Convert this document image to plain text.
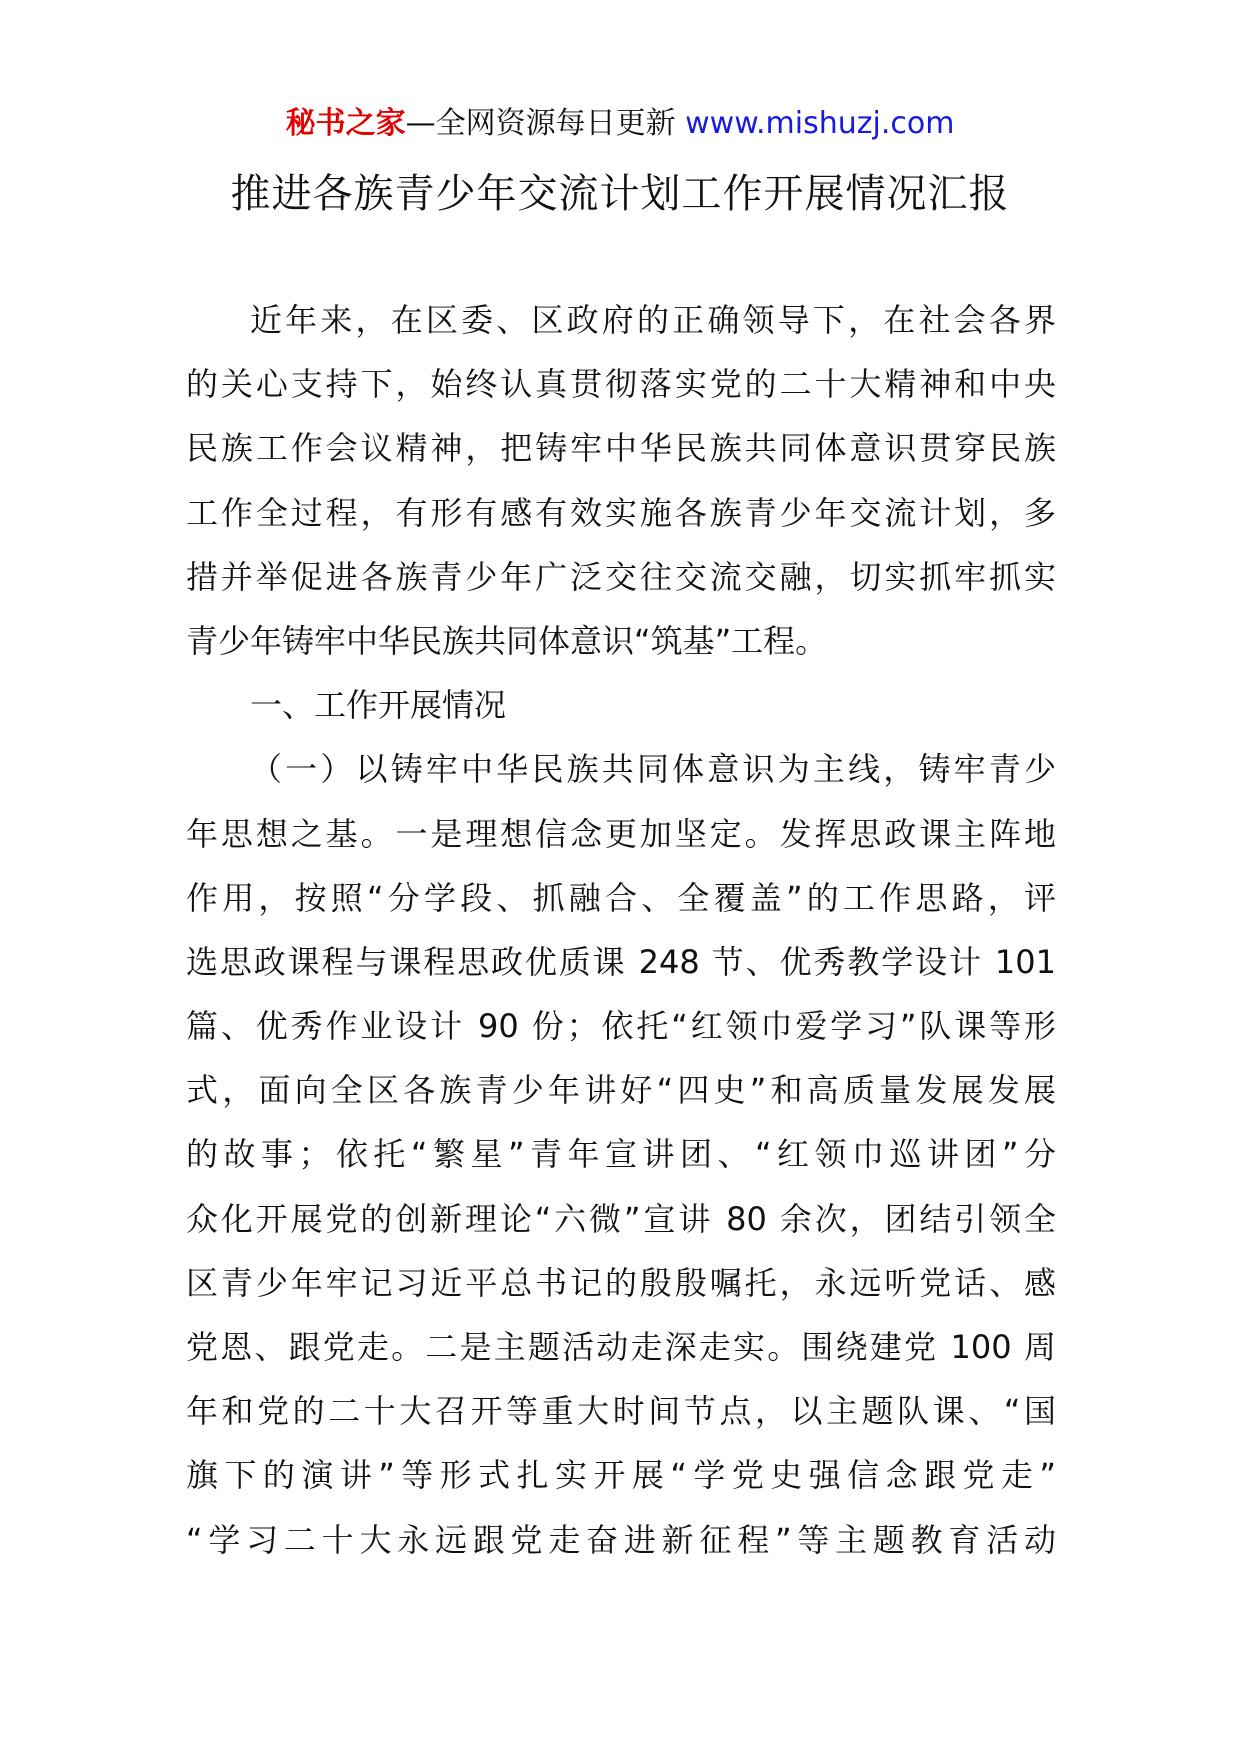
秘书之家—全网资源每日更新 www.mishuzj.com
推进各族青少年交流计划工作开展情况汇报
近年来，在区委、区政府的正确领导下，在社会各界
的关心支持下，始终认真贯彻落实党的二十大精神和中央
民族工作会议精神，把铸牢中华民族共同体意识贯穿民族
工作全过程，有形有感有效实施各族青少年交流计划，多
措并举促进各族青少年广泛交往交流交融，切实抓牢抓实
青少年铸牢中华民族共同体意识“筑基”工程。
一、工作开展情况
（一）以铸牢中华民族共同体意识为主线，铸牢青少
年思想之基。一是理想信念更加坚定。发挥思政课主阵地
作用，按照“分学段、抓融合、全覆盖”的工作思路，评
选思政课程与课程思政优质课 248 节、优秀教学设计 101
篇、优秀作业设计 90 份；依托“红领巾爱学习”队课等形
式，面向全区各族青少年讲好“四史”和高质量发展发展
的故事；依托“繁星”青年宣讲团、“红领巾巡讲团”分
众化开展党的创新理论“六微”宣讲 80 余次，团结引领全
区青少年牢记习近平总书记的殷殷嘱托，永远听党话、感
党恩、跟党走。二是主题活动走深走实。围绕建党 100 周
年和党的二十大召开等重大时间节点，以主题队课、“国
旗下的演讲”等形式扎实开展“学党史强信念跟党走”
“学习二十大永远跟党走奋进新征程”等主题教育活动
